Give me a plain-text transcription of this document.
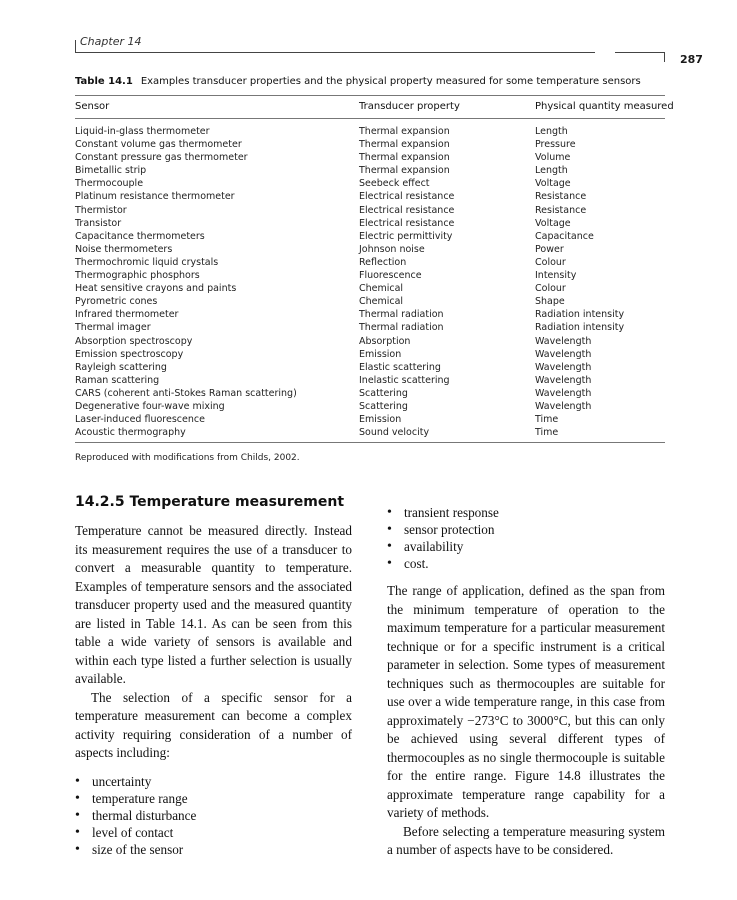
Chapter 14
287
Table 14.1 Examples transducer properties and the physical property measured for some temperature sensors
Sensor	Transducer property	Physical quantity measured
Liquid-in-glass thermometer	Thermal expansion	Length
Constant volume gas thermometer	Thermal expansion	Pressure
Constant pressure gas thermometer	Thermal expansion	Volume
Bimetallic strip	Thermal expansion	Length
Thermocouple	Seebeck effect	Voltage
Platinum resistance thermometer	Electrical resistance	Resistance
Thermistor	Electrical resistance	Resistance
Transistor	Electrical resistance	Voltage
Capacitance thermometers	Electric permittivity	Capacitance
Noise thermometers	Johnson noise	Power
Thermochromic liquid crystals	Reflection	Colour
Thermographic phosphors	Fluorescence	Intensity
Heat sensitive crayons and paints	Chemical	Colour
Pyrometric cones	Chemical	Shape
Infrared thermometer	Thermal radiation	Radiation intensity
Thermal imager	Thermal radiation	Radiation intensity
Absorption spectroscopy	Absorption	Wavelength
Emission spectroscopy	Emission	Wavelength
Rayleigh scattering	Elastic scattering	Wavelength
Raman scattering	Inelastic scattering	Wavelength
CARS (coherent anti-Stokes Raman scattering)	Scattering	Wavelength
Degenerative four-wave mixing	Scattering	Wavelength
Laser-induced fluorescence	Emission	Time
Acoustic thermography	Sound velocity	Time
Reproduced with modifications from Childs, 2002.
14.2.5 Temperature measurement

Temperature cannot be measured directly. Instead its measurement requires the use of a transducer to convert a measurable quantity to temperature. Examples of temperature sensors and the associated transducer property used and the measured quantity are listed in Table 14.1. As can be seen from this table a wide variety of sensors is available and within each type listed a further selection is usually available.

The selection of a specific sensor for a temperature measurement can become a complex activity requiring consideration of a number of aspects including:

• uncertainty
• temperature range
• thermal disturbance
• level of contact
• size of the sensor
• transient response
• sensor protection
• availability
• cost.

The range of application, defined as the span from the minimum temperature of operation to the maximum temperature for a particular measurement technique or for a specific instrument is a critical parameter in selection. Some types of measurement techniques such as thermocouples are suitable for use over a wide temperature range, in this case from approximately −273°C to 3000°C, but this can only be achieved using several different types of thermocouples as no single thermocouple is suitable for the entire range. Figure 14.8 illustrates the approximate temperature range capability for a variety of methods.

Before selecting a temperature measuring system a number of aspects have to be considered.
